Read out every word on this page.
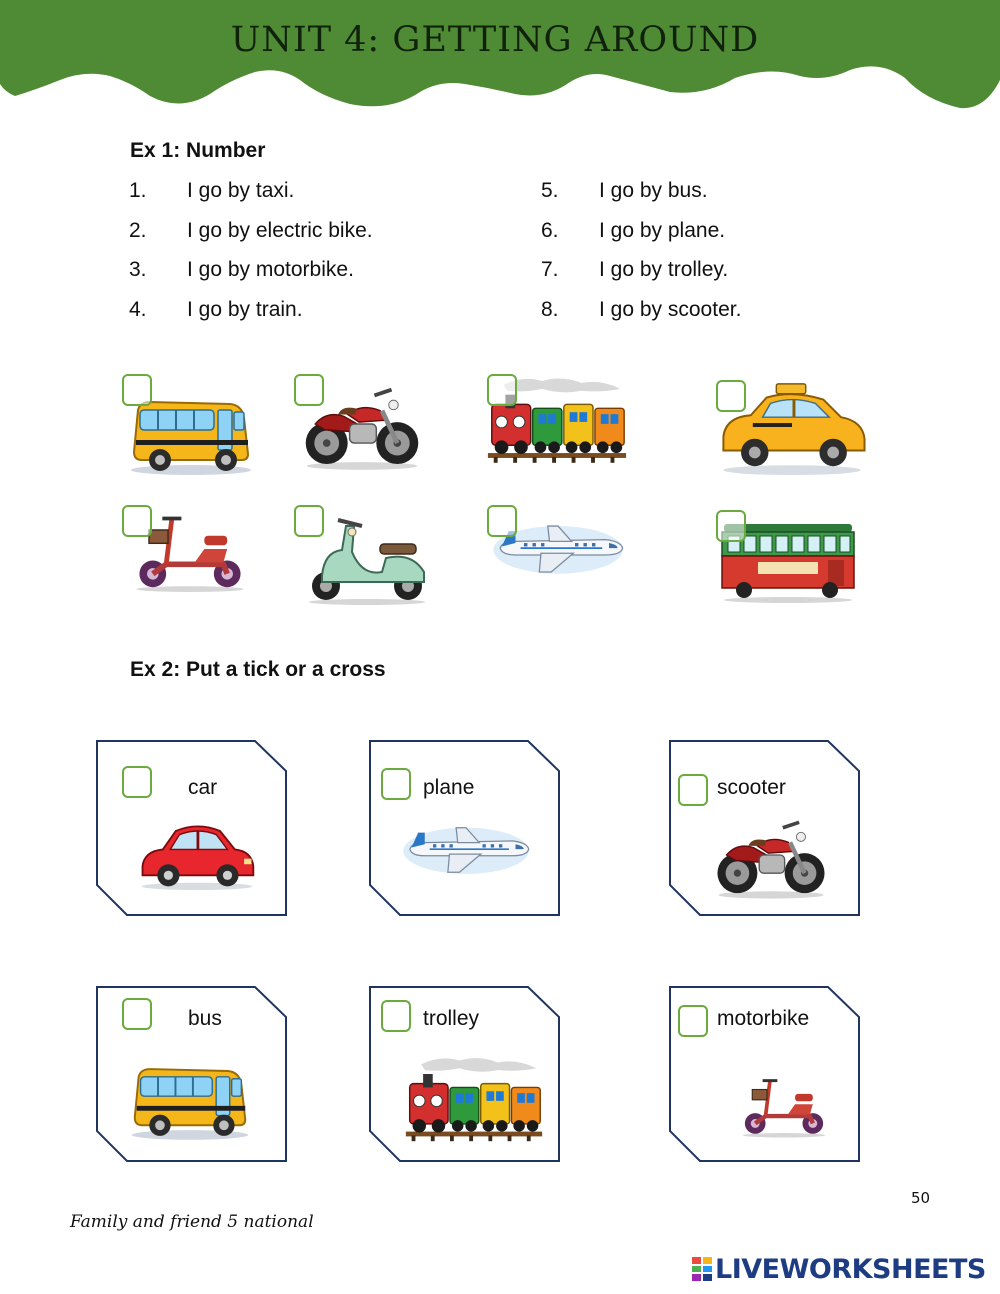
UNIT 4: GETTING AROUND
Ex 1: Number
1. I go by taxi.
2. I go by electric bike.
3. I go by motorbike.
4. I go by train.
5. I go by bus.
6. I go by plane.
7. I go by trolley.
8. I go by scooter.
Ex 2: Put a tick or a cross
car	plane	scooter
bus	trolley	motorbike
50
Family and friend 5 national
LIVEWORKSHEETS
